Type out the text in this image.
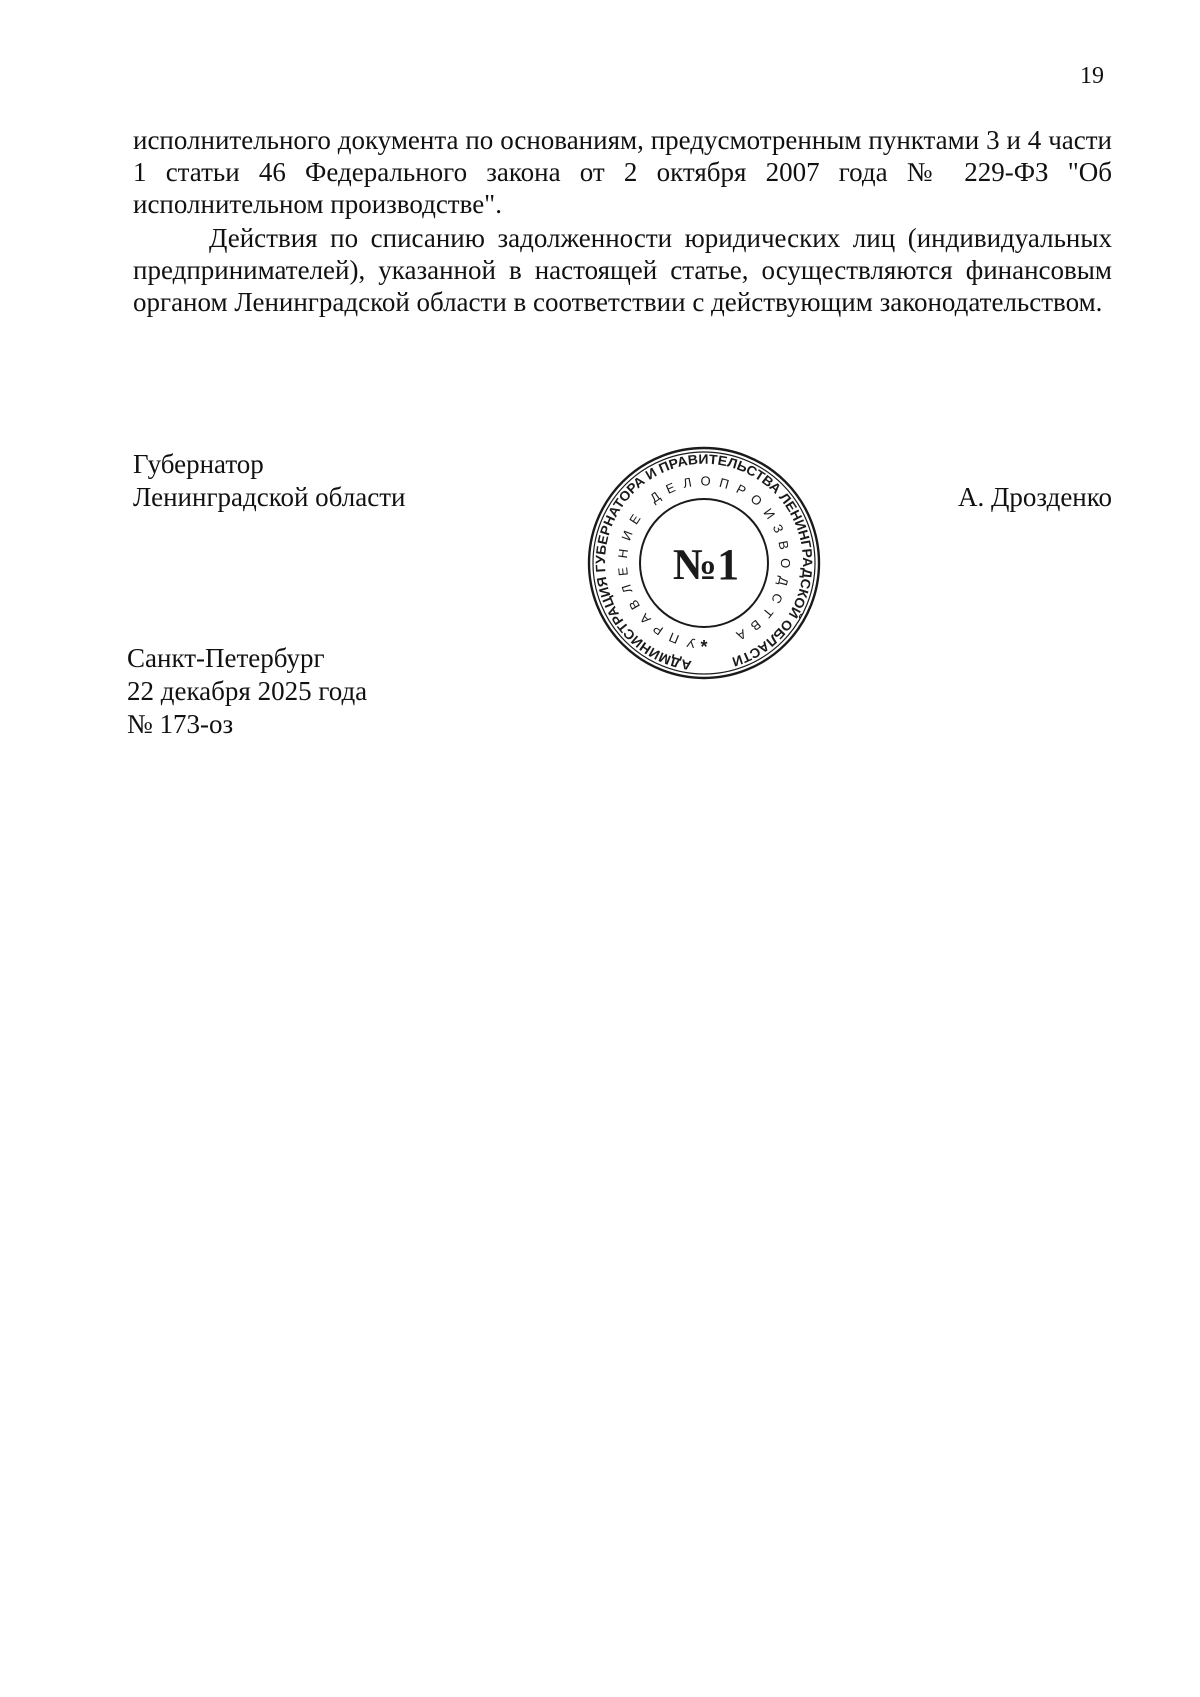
19

исполнительного документа по основаниям, предусмотренным пунктами 3 и 4 части 1 статьи 46 Федерального закона от 2 октября 2007 года № 229-ФЗ "Об исполнительном производстве".

Действия по списанию задолженности юридических лиц (индивидуальных предпринимателей), указанной в настоящей статье, осуществляются финансовым органом Ленинградской области в соответствии с действующим законодательством.

Губернатор
Ленинградской области	А. Дрозденко
АДМИНИСТРАЦИЯ ГУБЕРНАТОРА И ПРАВИТЕЛЬСТВА ЛЕНИНГРАДСКОЙ ОБЛАСТИ
УПРАВЛЕНИЕ ДЕЛОПРОИЗВОДСТВА
*
№1
Санкт-Петербург
22 декабря 2025 года
№ 173-оз
